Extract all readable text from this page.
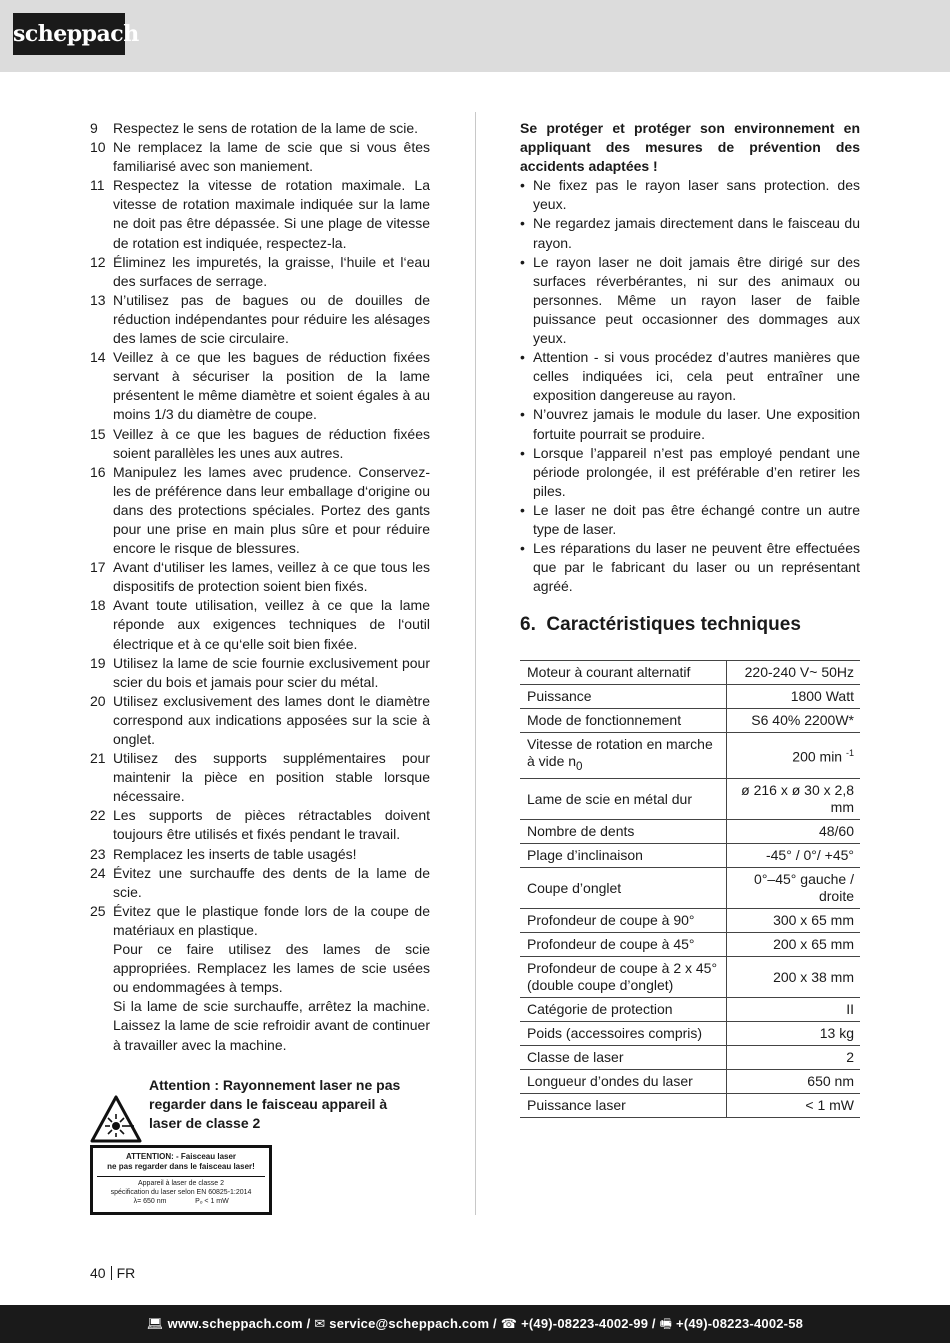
scheppach
9 Respectez le sens de rotation de la lame de scie.

10 Ne remplacez la lame de scie que si vous êtes familiarisé avec son maniement.

11 Respectez la vitesse de rotation maximale. La vitesse de rotation maximale indiquée sur la lame ne doit pas être dépassée. Si une plage de vitesse de rotation est indiquée, respectez-la.

12 Éliminez les impuretés, la graisse, l‘huile et l‘eau des surfaces de serrage.

13 N’utilisez pas de bagues ou de douilles de réduction indépendantes pour réduire les alésages des lames de scie circulaire.

14 Veillez à ce que les bagues de réduction fixées servant à sécuriser la position de la lame présentent le même diamètre et soient égales à au moins 1/3 du diamètre de coupe.

15 Veillez à ce que les bagues de réduction fixées soient parallèles les unes aux autres.

16 Manipulez les lames avec prudence. Conservez-les de préférence dans leur emballage d‘origine ou dans des protections spéciales. Portez des gants pour une prise en main plus sûre et pour réduire encore le risque de blessures.

17 Avant d‘utiliser les lames, veillez à ce que tous les dispositifs de protection soient bien fixés.

18 Avant toute utilisation, veillez à ce que la lame réponde aux exigences techniques de l‘outil électrique et à ce qu‘elle soit bien fixée.

19 Utilisez la lame de scie fournie exclusivement pour scier du bois et jamais pour scier du métal.

20 Utilisez exclusivement des lames dont le diamètre correspond aux indications apposées sur la scie à onglet.

21 Utilisez des supports supplémentaires pour maintenir la pièce en position stable lorsque nécessaire.

22 Les supports de pièces rétractables doivent toujours être utilisés et fixés pendant le travail.

23 Remplacez les inserts de table usagés!

24 Évitez une surchauffe des dents de la lame de scie.

25 Évitez que le plastique fonde lors de la coupe de matériaux en plastique.

Pour ce faire utilisez des lames de scie appropriées. Remplacez les lames de scie usées ou endommagées à temps.

Si la lame de scie surchauffe, arrêtez la machine. Laissez la lame de scie refroidir avant de continuer à travailler avec la machine.

Attention : Rayonnement laser ne pas regarder dans le faisceau appareil à laser de classe 2
ATTENTION: - Faisceau laser
ne pas regarder dans le faisceau laser!
Appareil à laser de classe 2
spécification du laser selon EN 60825-1:2014
λ= 650 nm	Pₒ < 1 mW

Se protéger et protéger son environnement en appliquant des mesures de prévention des accidents adaptées !

• Ne fixez pas le rayon laser sans protection. des yeux.
• Ne regardez jamais directement dans le faisceau du rayon.
• Le rayon laser ne doit jamais être dirigé sur des surfaces réverbérantes, ni sur des animaux ou personnes. Même un rayon laser de faible puissance peut occasionner des dommages aux yeux.
• Attention - si vous procédez d’autres manières que celles indiquées ici, cela peut entraîner une exposition dangereuse au rayon.
• N’ouvrez jamais le module du laser. Une exposition fortuite pourrait se produire.
• Lorsque l’appareil n’est pas employé pendant une période prolongée, il est préférable d’en retirer les piles.
• Le laser ne doit pas être échangé contre un autre type de laser.
• Les réparations du laser ne peuvent être effectuées que par le fabricant du laser ou un représentant agréé.
6. Caractéristiques techniques
Moteur à courant alternatif	220-240 V~ 50Hz
Puissance	1800 Watt
Mode de fonctionnement	S6 40% 2200W*
Vitesse de rotation en marche à vide $n_0$	200 min $^{-1}$
Lame de scie en métal dur	ø 216 x ø 30 x 2,8 mm
Nombre de dents	48/60
Plage d’inclinaison	-45° / 0°/ +45°
Coupe d’onglet	0°–45° gauche / droite
Profondeur de coupe à 90°	300 x 65 mm
Profondeur de coupe à 45°	200 x 65 mm
Profondeur de coupe à 2 x 45° (double coupe d’onglet)	200 x 38 mm
Catégorie de protection	II
Poids (accessoires compris)	13 kg
Classe de laser	2
Longueur d’ondes du laser	650 nm
Puissance laser	< 1 mW
40 FR
💻︎ www.scheppach.com / ✉︎ service@scheppach.com / ☎︎ +(49)-08223-4002-99 / 🖷︎ +(49)-08223-4002-58
